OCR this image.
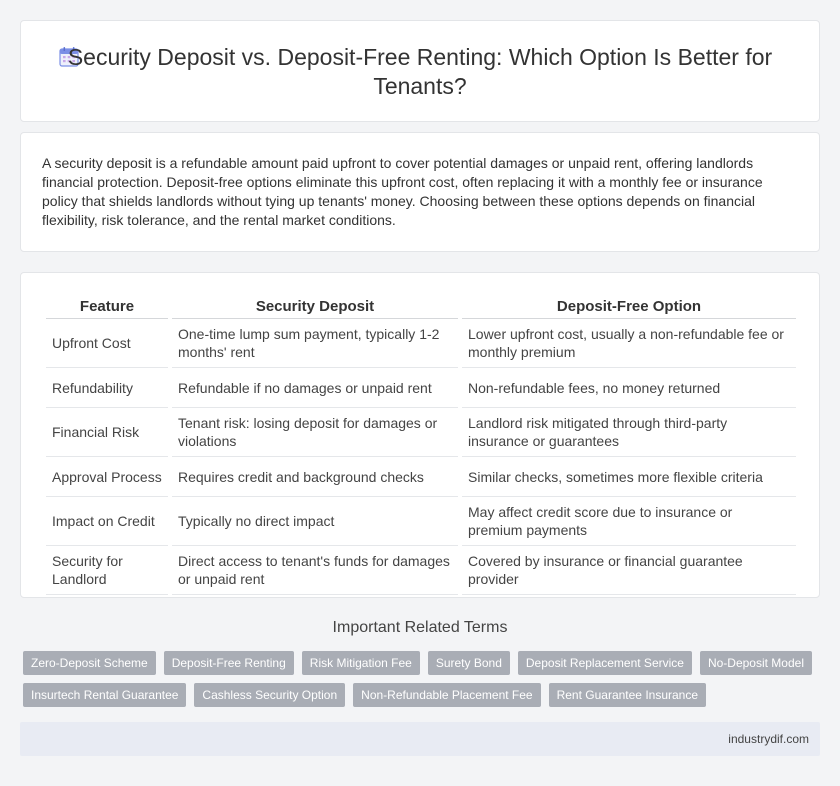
Security Deposit vs. Deposit-Free Renting: Which Option Is Better for Tenants?

A security deposit is a refundable amount paid upfront to cover potential damages or unpaid rent, offering landlords financial protection. Deposit-free options eliminate this upfront cost, often replacing it with a monthly fee or insurance policy that shields landlords without tying up tenants' money. Choosing between these options depends on financial flexibility, risk tolerance, and the rental market conditions.

Feature	Security Deposit	Deposit-Free Option
Upfront Cost	One-time lump sum payment, typically 1-2 months' rent	Lower upfront cost, usually a non-refundable fee or monthly premium
Refundability	Refundable if no damages or unpaid rent	Non-refundable fees, no money returned
Financial Risk	Tenant risk: losing deposit for damages or violations	Landlord risk mitigated through third-party insurance or guarantees
Approval Process	Requires credit and background checks	Similar checks, sometimes more flexible criteria
Impact on Credit	Typically no direct impact	May affect credit score due to insurance or premium payments
Security for Landlord	Direct access to tenant's funds for damages or unpaid rent	Covered by insurance or financial guarantee provider
Important Related Terms
Zero-Deposit Scheme	Deposit-Free Renting	Risk Mitigation Fee	Surety Bond	Deposit Replacement Service	No-Deposit Model
Insurtech Rental Guarantee	Cashless Security Option	Non-Refundable Placement Fee	Rent Guarantee Insurance
industrydif.com
